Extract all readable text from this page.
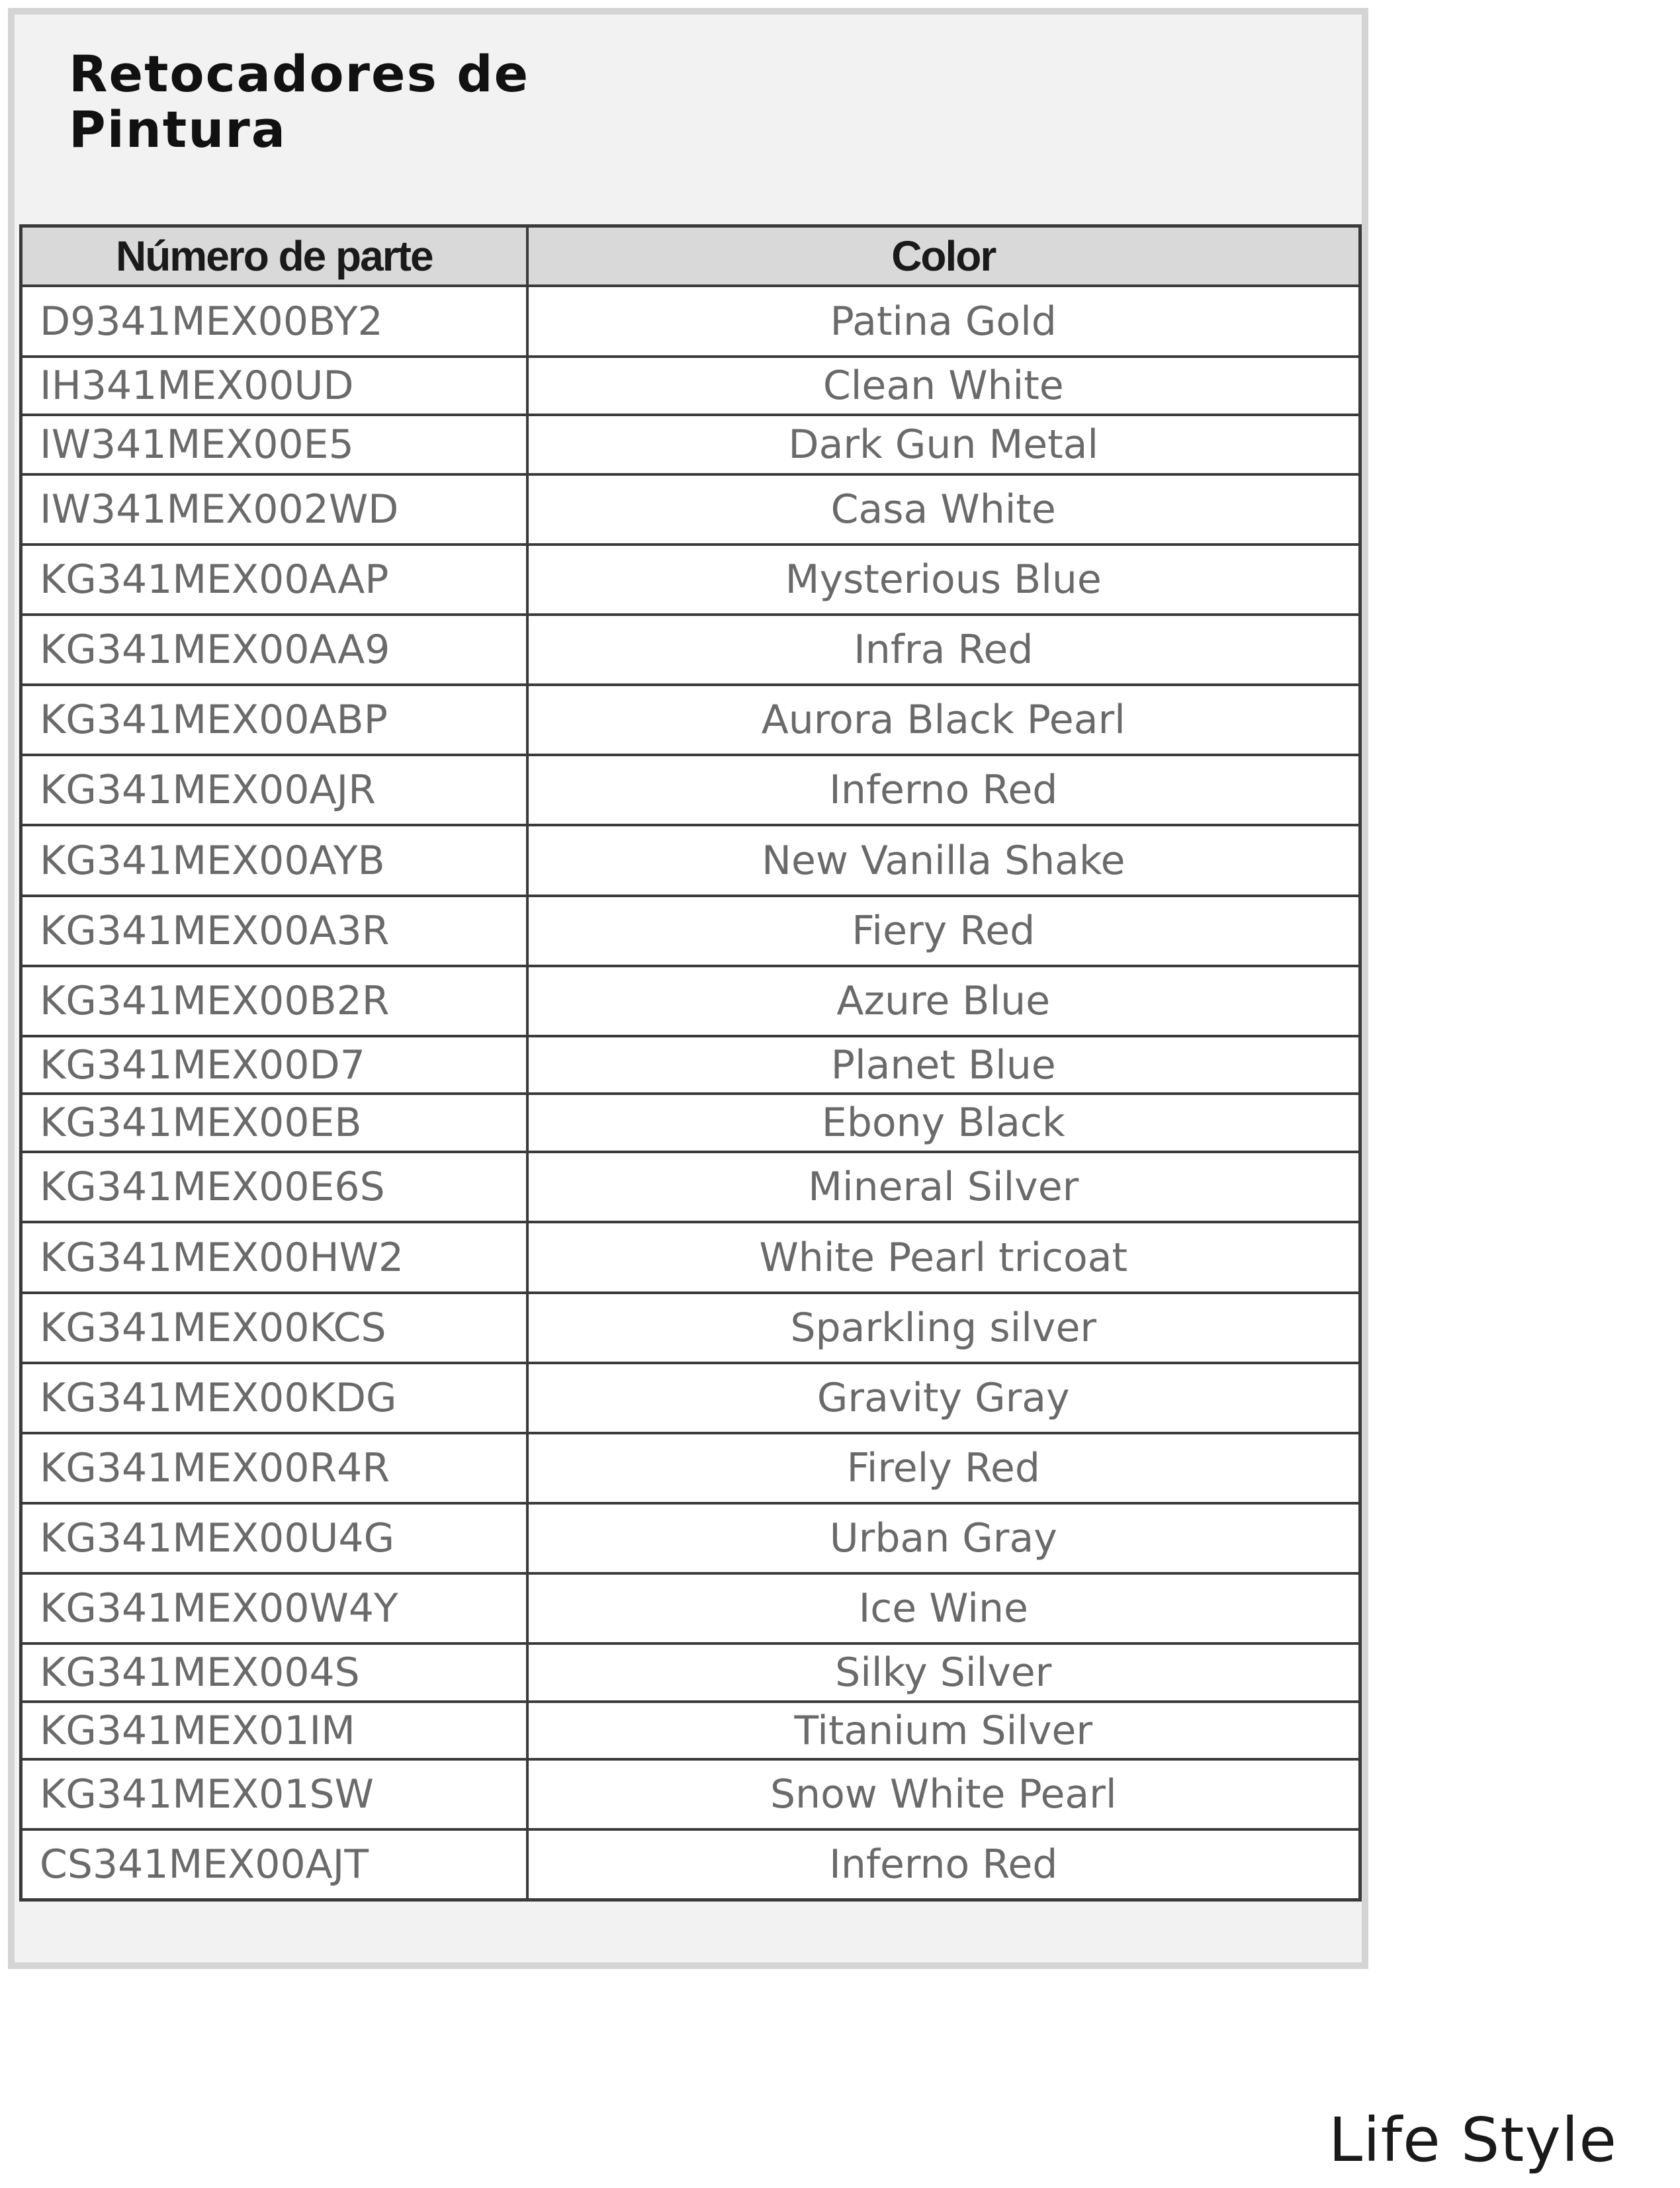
Retocadores de
Pintura
Número de parte	Color
D9341MEX00BY2	Patina Gold
IH341MEX00UD	Clean White
IW341MEX00E5	Dark Gun Metal
IW341MEX002WD	Casa White
KG341MEX00AAP	Mysterious Blue
KG341MEX00AA9	Infra Red
KG341MEX00ABP	Aurora Black Pearl
KG341MEX00AJR	Inferno Red
KG341MEX00AYB	New Vanilla Shake
KG341MEX00A3R	Fiery Red
KG341MEX00B2R	Azure Blue
KG341MEX00D7	Planet Blue
KG341MEX00EB	Ebony Black
KG341MEX00E6S	Mineral Silver
KG341MEX00HW2	White Pearl tricoat
KG341MEX00KCS	Sparkling silver
KG341MEX00KDG	Gravity Gray
KG341MEX00R4R	Firely Red
KG341MEX00U4G	Urban Gray
KG341MEX00W4Y	Ice Wine
KG341MEX004S	Silky Silver
KG341MEX01IM	Titanium Silver
KG341MEX01SW	Snow White Pearl
CS341MEX00AJT	Inferno Red

Life Style
